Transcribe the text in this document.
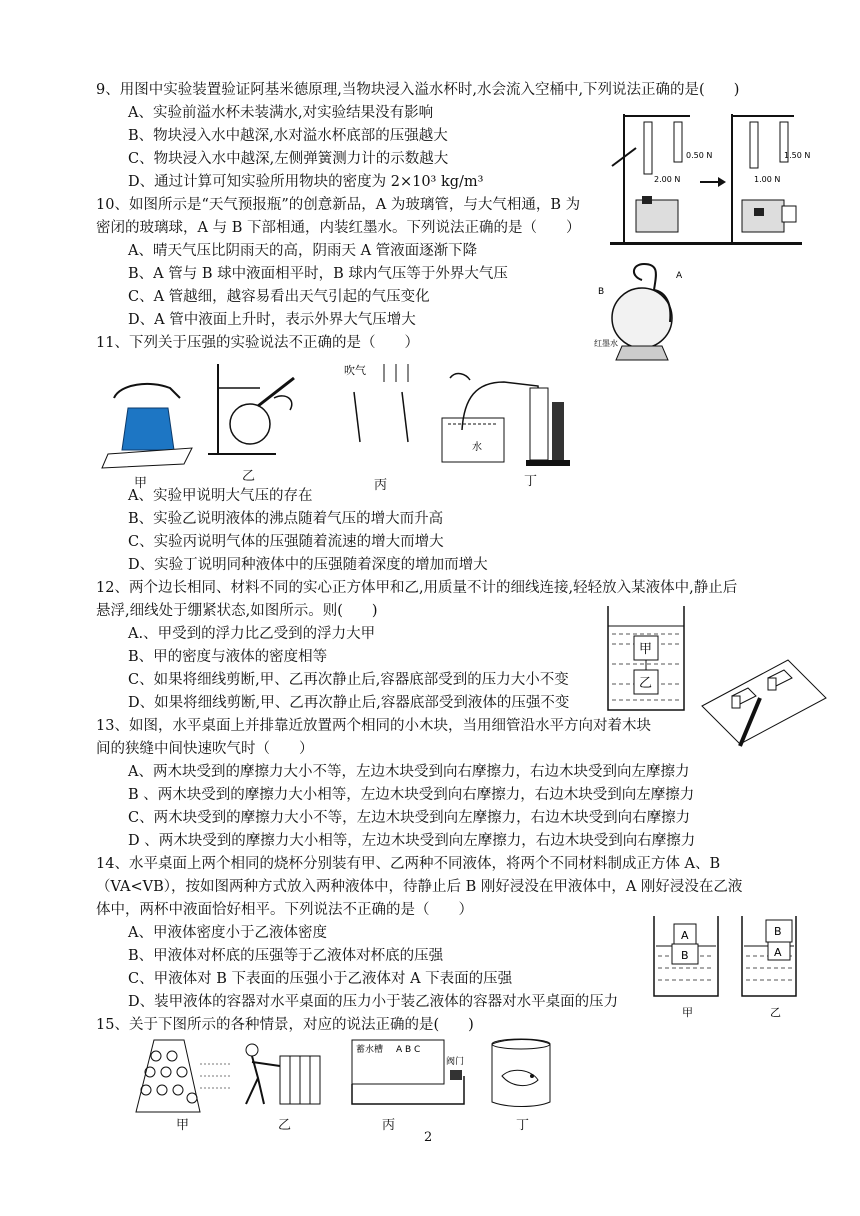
9、用图中实验装置验证阿基米德原理,当物块浸入溢水杯时,水会流入空桶中,下列说法正确的是(　　)
A、实验前溢水杯未装满水,对实验结果没有影响
B、物块浸入水中越深,水对溢水杯底部的压强越大
C、物块浸入水中越深,左侧弹簧测力计的示数越大
D、通过计算可知实验所用物块的密度为 2×10³ kg/m³
0.50 N
2.00 N	1.00 N
1.50 N
10、如图所示是“天气预报瓶”的创意新品，A 为玻璃管，与大气相通，B 为
密闭的玻璃球，A 与 B 下部相通，内装红墨水。下列说法正确的是（　　）
A、晴天气压比阴雨天的高，阴雨天 A 管液面逐渐下降
B、A 管与 B 球中液面相平时，B 球内气压等于外界大气压
C、A 管越细，越容易看出天气引起的气压变化
D、A 管中液面上升时，表示外界大气压增大
A
B
红墨水
11、下列关于压强的实验说法不正确的是（　　）
吹气
水
甲	乙
丙	丁
A、实验甲说明大气压的存在
B、实验乙说明液体的沸点随着气压的增大而升高
C、实验丙说明气体的压强随着流速的增大而增大
D、实验丁说明同种液体中的压强随着深度的增加而增大
12、两个边长相同、材料不同的实心正方体甲和乙,用质量不计的细线连接,轻轻放入某液体中,静止后
悬浮,细线处于绷紧状态,如图所示。则(　　)
A.、甲受到的浮力比乙受到的浮力大甲
B、甲的密度与液体的密度相等
C、如果将细线剪断,甲、乙再次静止后,容器底部受到的压力大小不变
D、如果将细线剪断,甲、乙再次静止后,容器底部受到液体的压强不变
甲
乙
13、如图，水平桌面上并排靠近放置两个相同的小木块，当用细管沿水平方向对着木块
间的狭缝中间快速吹气时（　　）
A、两木块受到的摩擦力大小不等，左边木块受到向右摩擦力，右边木块受到向左摩擦力
B 、两木块受到的摩擦力大小相等，左边木块受到向右摩擦力，右边木块受到向左摩擦力
C、两木块受到的摩擦力大小不等，左边木块受到向左摩擦力，右边木块受到向右摩擦力
D 、两木块受到的摩擦力大小相等，左边木块受到向左摩擦力，右边木块受到向右摩擦力
14、水平桌面上两个相同的烧杯分别装有甲、乙两种不同液体，将两个不同材料制成正方体 A、B
（VA<VB），按如图两种方式放入两种液体中，待静止后 B 刚好浸没在甲液体中，A 刚好浸没在乙液
体中，两杯中液面恰好相平。下列说法不正确的是（　　）
A、甲液体密度小于乙液体密度
B、甲液体对杯底的压强等于乙液体对杯底的压强
C、甲液体对 B 下表面的压强小于乙液体对 A 下表面的压强
D、装甲液体的容器对水平桌面的压力小于装乙液体的容器对水平桌面的压力
A
B
甲
B
A
乙
15、关于下图所示的各种情景，对应的说法正确的是(　　)
蓄水槽 A B C
阀门
甲	乙	丙	丁
2
